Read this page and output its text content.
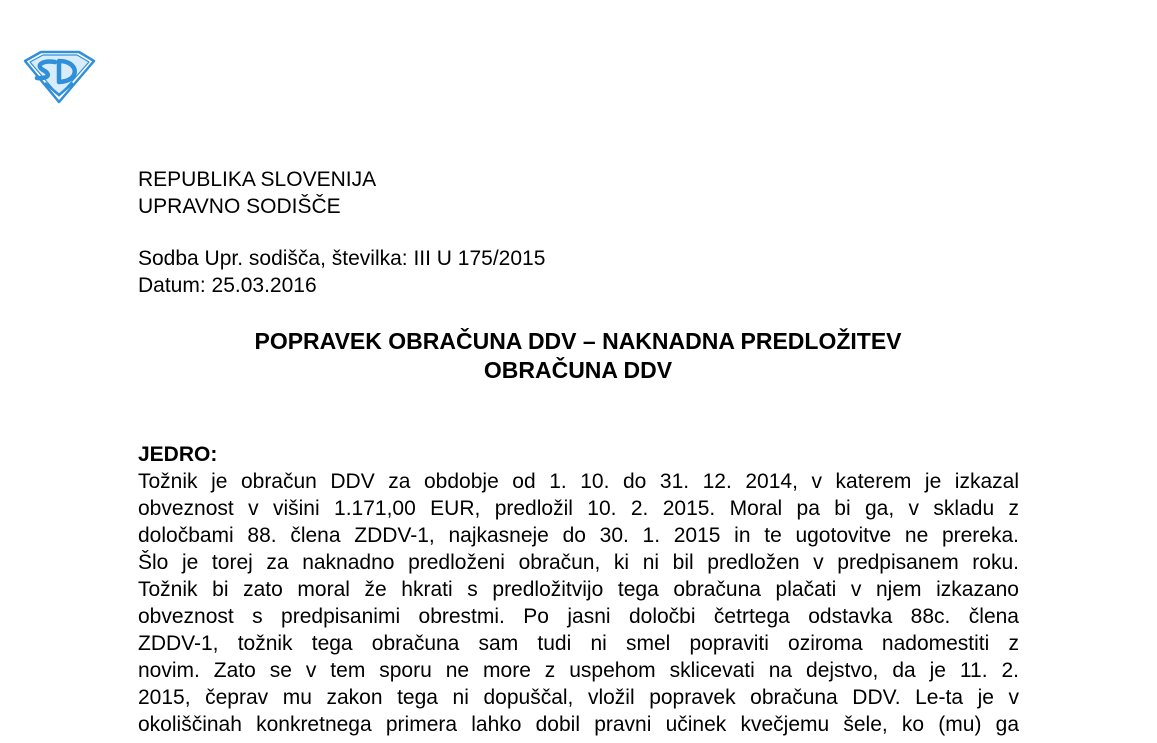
REPUBLIKA SLOVENIJA
UPRAVNO SODIŠČE
Sodba Upr. sodišča, številka: III U 175/2015
Datum: 25.03.2016
POPRAVEK OBRAČUNA DDV – NAKNADNA PREDLOŽITEV
OBRAČUNA DDV
JEDRO:
Tožnik je obračun DDV za obdobje od 1. 10. do 31. 12. 2014, v katerem je izkazal
obveznost v višini 1.171,00 EUR, predložil 10. 2. 2015. Moral pa bi ga, v skladu z
določbami 88. člena ZDDV-1, najkasneje do 30. 1. 2015 in te ugotovitve ne prereka.
Šlo je torej za naknadno predloženi obračun, ki ni bil predložen v predpisanem roku.
Tožnik bi zato moral že hkrati s predložitvijo tega obračuna plačati v njem izkazano
obveznost s predpisanimi obrestmi. Po jasni določbi četrtega odstavka 88c. člena
ZDDV-1, tožnik tega obračuna sam tudi ni smel popraviti oziroma nadomestiti z
novim. Zato se v tem sporu ne more z uspehom sklicevati na dejstvo, da je 11. 2.
2015, čeprav mu zakon tega ni dopuščal, vložil popravek obračuna DDV. Le-ta je v
okoliščinah konkretnega primera lahko dobil pravni učinek kvečjemu šele, ko (mu) ga
